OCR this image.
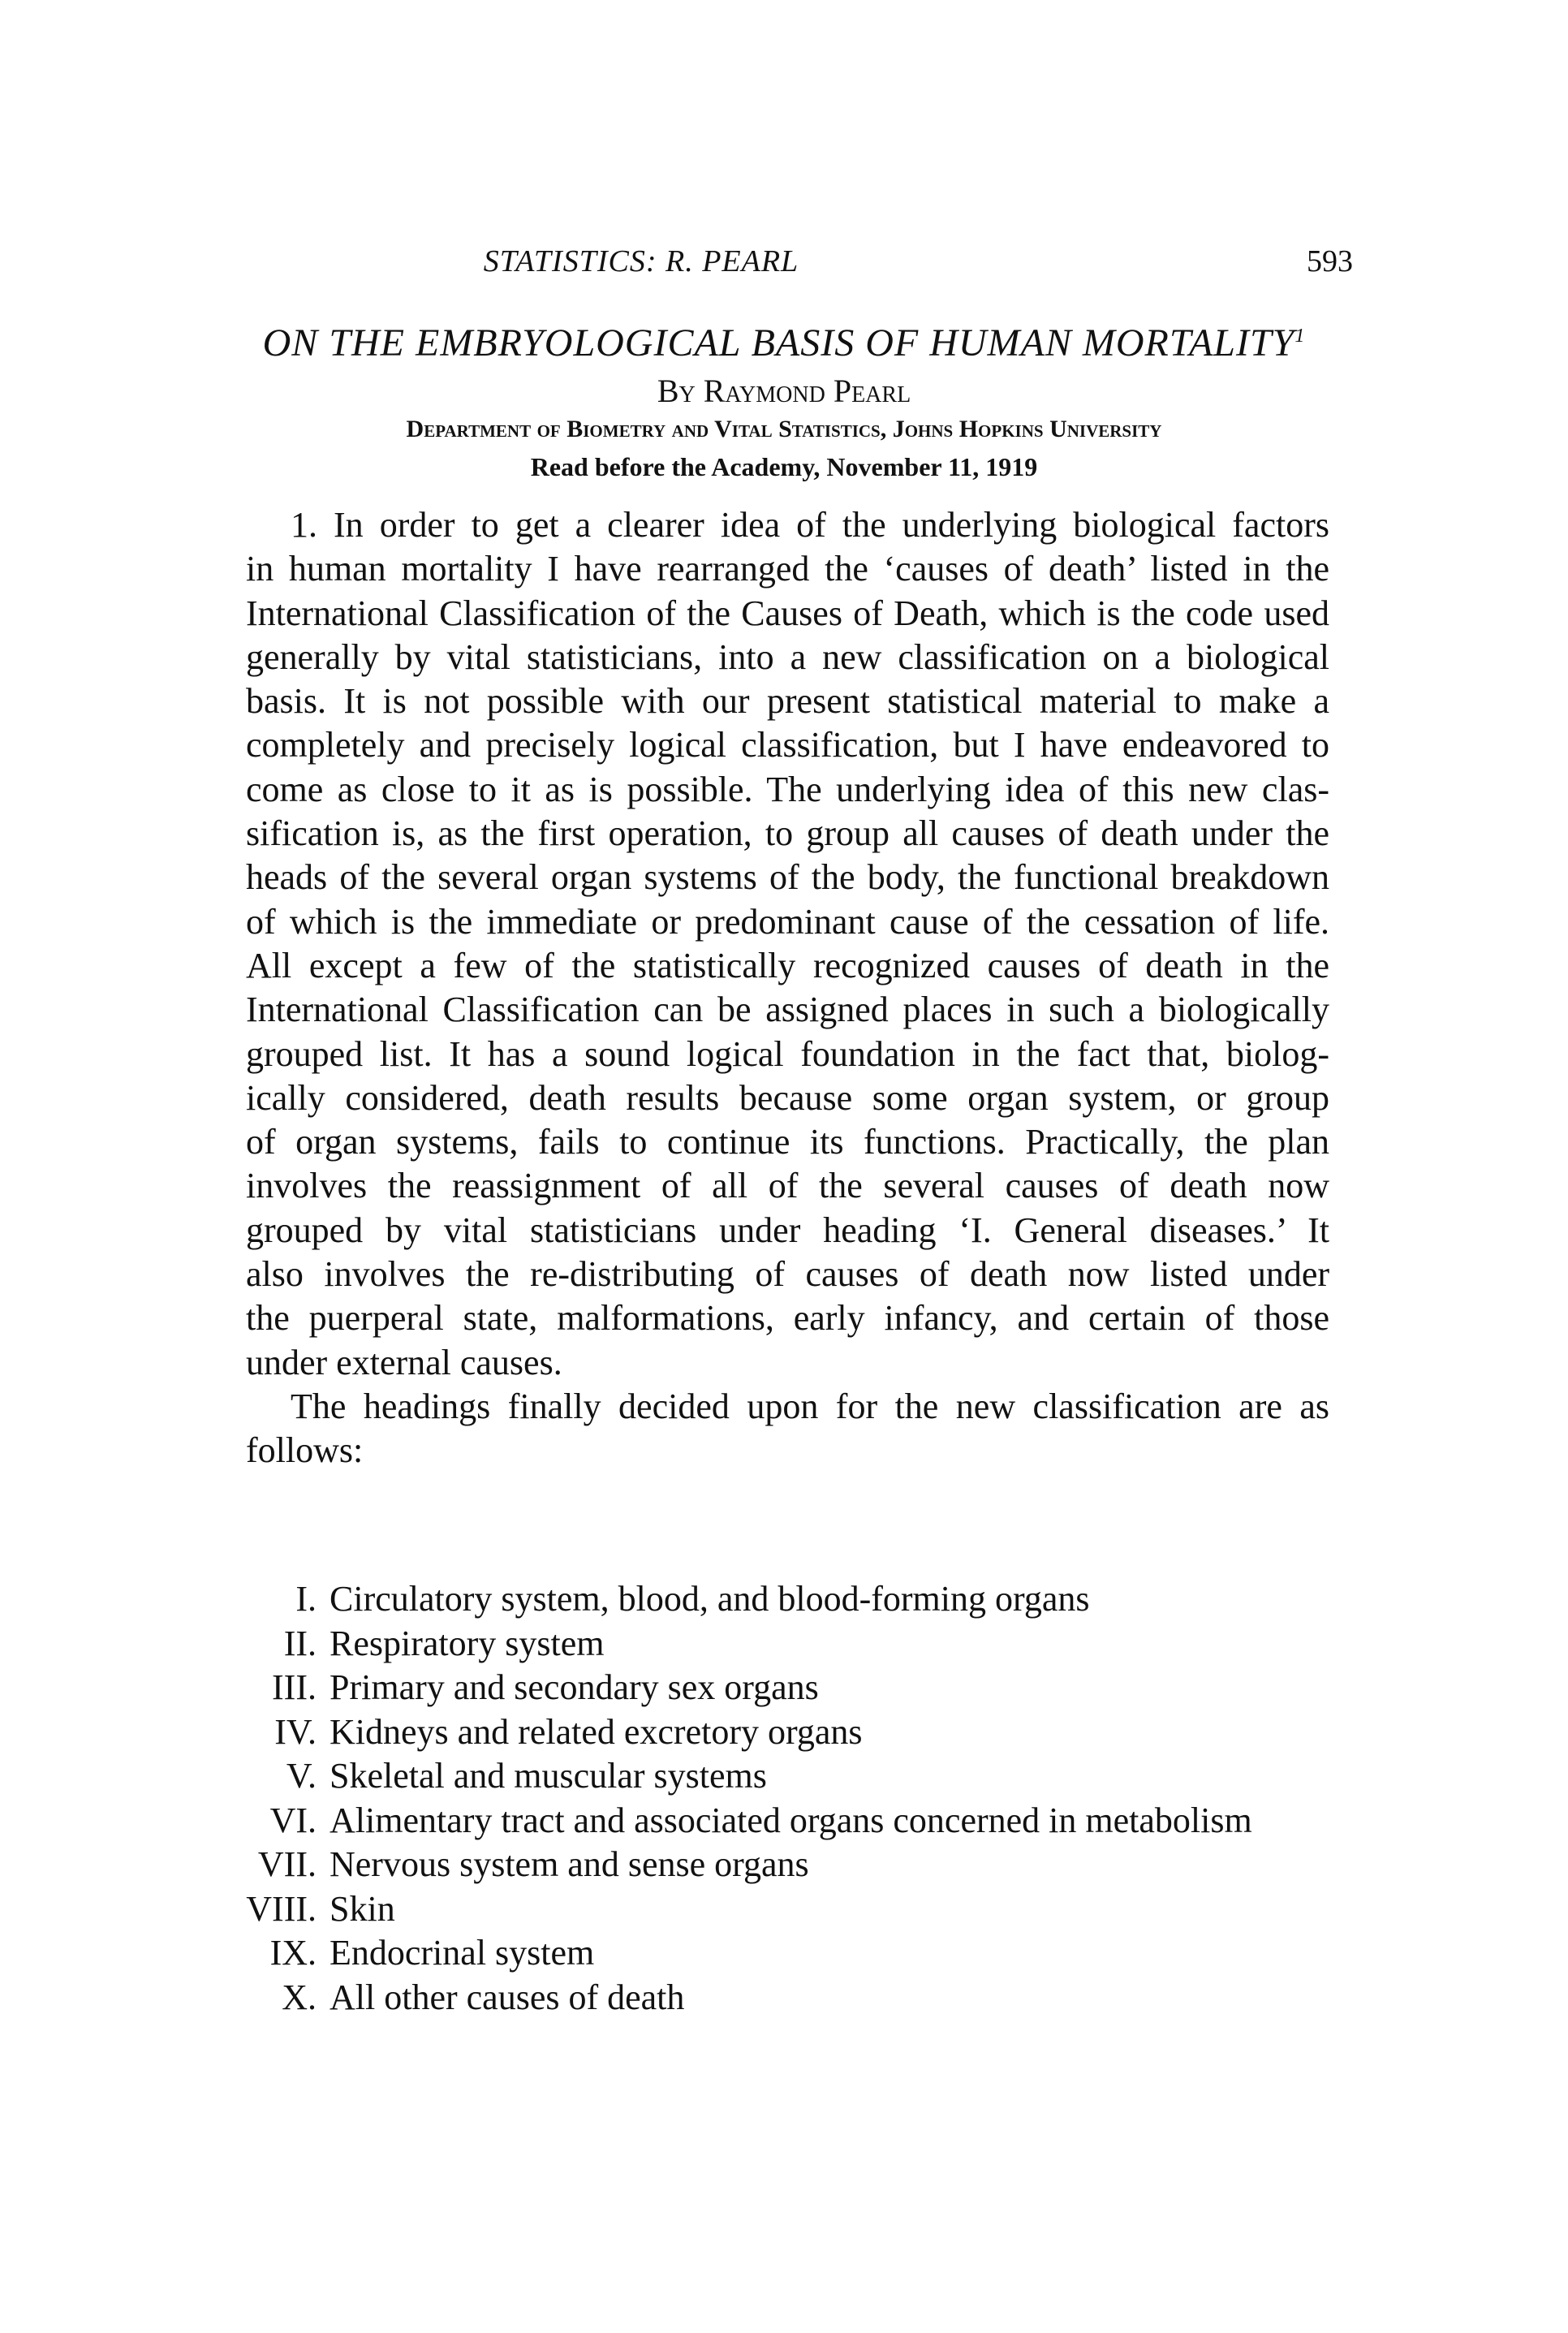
STATISTICS: R. PEARL	593
ON THE EMBRYOLOGICAL BASIS OF HUMAN MORTALITY$^1$
By Raymond Pearl
Department of Biometry and Vital Statistics, Johns Hopkins University
Read before the Academy, November 11, 1919
1. In order to get a clearer idea of the underlying biological factors
in human mortality I have rearranged the ‘causes of death’ listed in the
International Classification of the Causes of Death, which is the code used
generally by vital statisticians, into a new classification on a biological
basis. It is not possible with our present statistical material to make a
completely and precisely logical classification, but I have endeavored to
come as close to it as is possible. The underlying idea of this new clas-
sification is, as the first operation, to group all causes of death under the
heads of the several organ systems of the body, the functional breakdown
of which is the immediate or predominant cause of the cessation of life.
All except a few of the statistically recognized causes of death in the
International Classification can be assigned places in such a biologically
grouped list. It has a sound logical foundation in the fact that, biolog-
ically considered, death results because some organ system, or group
of organ systems, fails to continue its functions. Practically, the plan
involves the reassignment of all of the several causes of death now
grouped by vital statisticians under heading ‘I. General diseases.’ It
also involves the re-distributing of causes of death now listed under
the puerperal state, malformations, early infancy, and certain of those
under external causes.
The headings finally decided upon for the new classification are as
follows:
I. Circulatory system, blood, and blood-forming organs
II. Respiratory system
III. Primary and secondary sex organs
IV. Kidneys and related excretory organs
V. Skeletal and muscular systems
VI. Alimentary tract and associated organs concerned in metabolism
VII. Nervous system and sense organs
VIII. Skin
IX. Endocrinal system
X. All other causes of death
